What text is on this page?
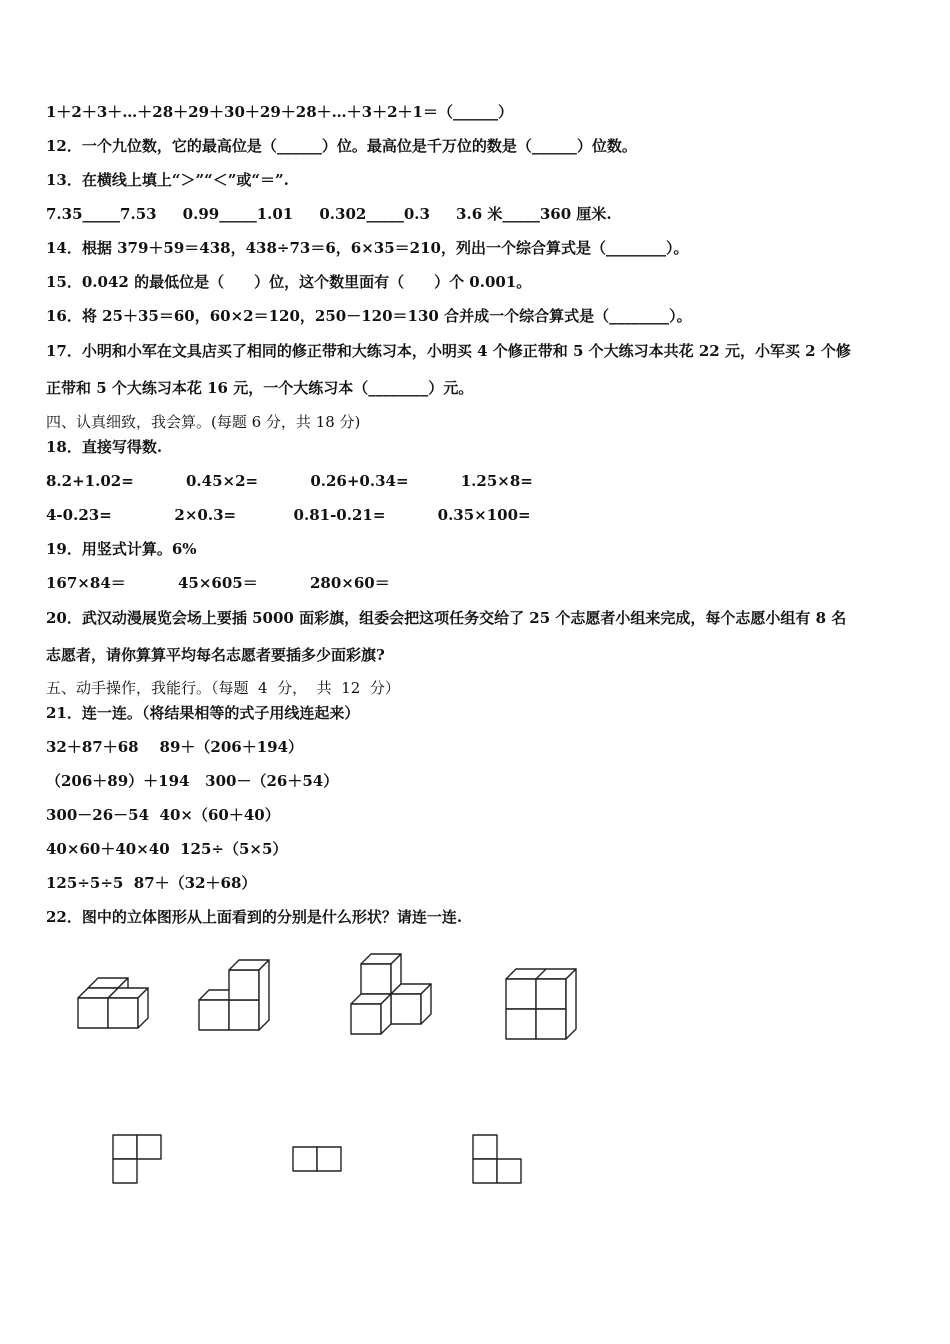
1＋2＋3＋…＋28＋29＋30＋29＋28＋…＋3＋2＋1＝（______）
12．一个九位数，它的最高位是（______）位。最高位是千万位的数是（______）位数。
13．在横线上填上“＞”“＜”或“＝”.
7.35_____7.53     0.99_____1.01     0.302_____0.3     3.6 米_____360 厘米.
14．根据 379＋59＝438，438÷73＝6，6×35＝210，列出一个综合算式是（________）。
15．0.042 的最低位是（　　）位，这个数里面有（　　）个 0.001。
16．将 25＋35＝60，60×2＝120，250－120＝130 合并成一个综合算式是（________）。
17．小明和小军在文具店买了相同的修正带和大练习本，小明买 4 个修正带和 5 个大练习本共花 22 元，小军买 2 个修
正带和 5 个大练习本花 16 元，一个大练习本（________）元。
四、认真细致，我会算。(每题 6 分，共 18 分)
18．直接写得数.
8.2+1.02=          0.45×2=          0.26+0.34=          1.25×8=
4-0.23=            2×0.3=           0.81-0.21=          0.35×100=
19．用竖式计算。6%
167×84＝          45×605＝          280×60＝
20．武汉动漫展览会场上要插 5000 面彩旗，组委会把这项任务交给了 25 个志愿者小组来完成，每个志愿小组有 8 名
志愿者，请你算算平均每名志愿者要插多少面彩旗?
五、动手操作，我能行。（每题  4  分，  共  12  分）
21．连一连。（将结果相等的式子用线连起来）
32＋87＋68    89＋（206＋194）
（206＋89）＋194   300－（26＋54）
300－26－54  40×（60＋40）
40×60＋40×40  125÷（5×5）
125÷5÷5  87＋（32＋68）
22．图中的立体图形从上面看到的分别是什么形状？请连一连.
